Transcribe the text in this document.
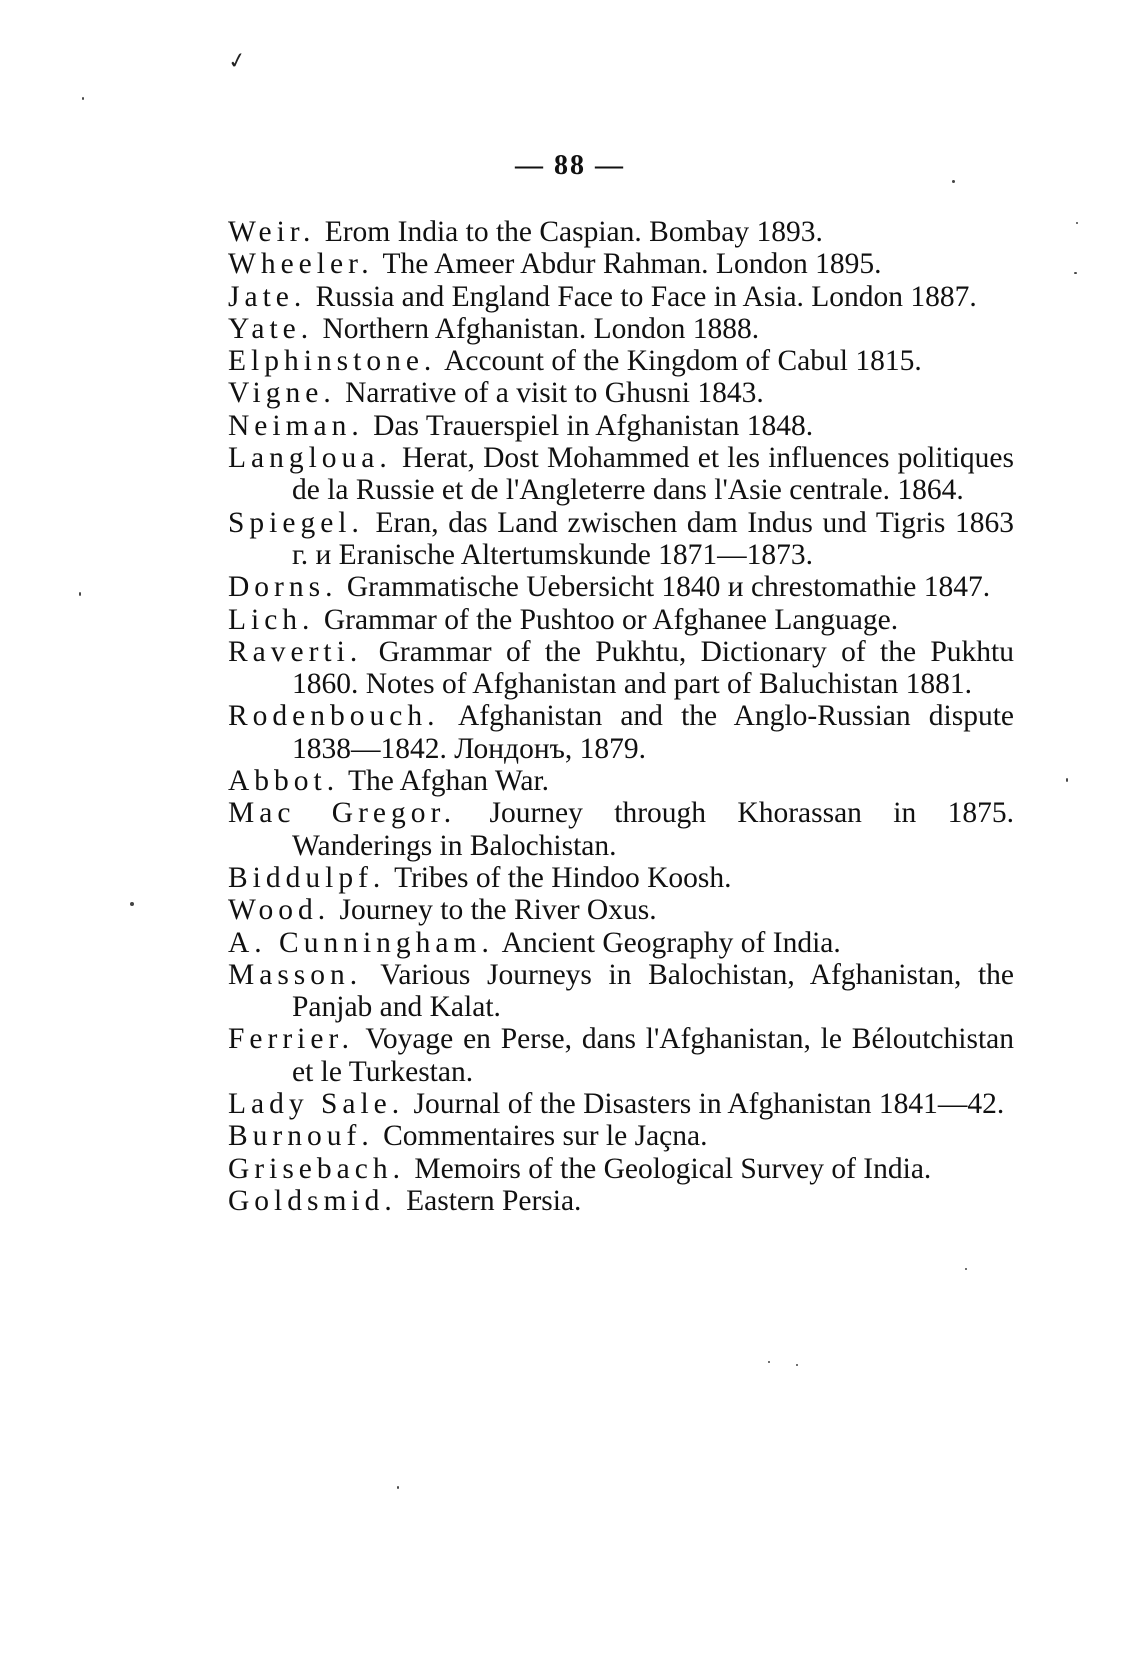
✓
— 88 —
Weir. Erom India to the Caspian. Bombay 1893.
Wheeler. The Ameer Abdur Rahman. London 1895.
Jate. Russia and England Face to Face in Asia. London 1887.
Yate. Northern Afghanistan. London 1888.
Elphinstone. Account of the Kingdom of Cabul 1815.
Vigne. Narrative of a visit to Ghusni 1843.
Neiman. Das Trauerspiel in Afghanistan 1848.
Langloua. Herat, Dost Mohammed et les influences politiques de la Russie et de l'Angleterre dans l'Asie centrale. 1864.
Spiegel. Eran, das Land zwischen dam Indus und Tigris 1863 г. и Eranische Altertumskunde 1871—1873.
Dorns. Grammatische Uebersicht 1840 и chrestomathie 1847.
Lich. Grammar of the Pushtoo or Afghanee Language.
Raverti. Grammar of the Pukhtu, Dictionary of the Pukhtu 1860. Notes of Afghanistan and part of Baluchistan 1881.
Rodenbouch. Afghanistan and the Anglo-Russian dispute 1838—1842. Лондонъ, 1879.
Abbot. The Afghan War.
Mac Gregor. Journey through Khorassan in 1875. Wanderings in Balochistan.
Biddulpf. Tribes of the Hindoo Koosh.
Wood. Journey to the River Oxus.
A. Cunningham. Ancient Geography of India.
Masson. Various Journeys in Balochistan, Afghanistan, the Panjab and Kalat.
Ferrier. Voyage en Perse, dans l'Afghanistan, le Béloutchistan et le Turkestan.
Lady Sale. Journal of the Disasters in Afghanistan 1841—42.
Burnouf. Commentaires sur le Jaçna.
Grisebach. Memoirs of the Geological Survey of India.
Goldsmid. Eastern Persia.
